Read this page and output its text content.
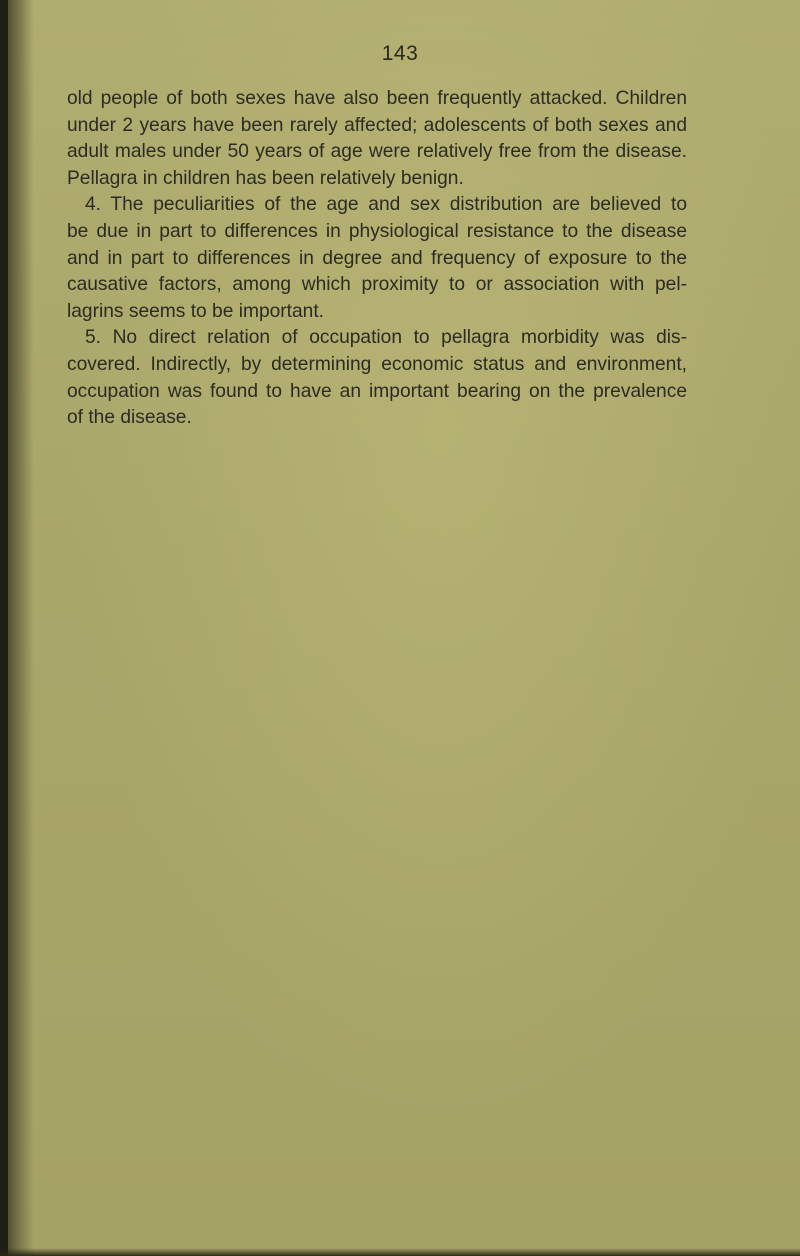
143
old people of both sexes have also been frequently attacked. Children
under 2 years have been rarely affected; adolescents of both sexes and
adult males under 50 years of age were relatively free from the disease.
Pellagra in children has been relatively benign.
4. The peculiarities of the age and sex distribution are believed to
be due in part to differences in physiological resistance to the disease
and in part to differences in degree and frequency of exposure to the
causative factors, among which proximity to or association with pel-
lagrins seems to be important.
5. No direct relation of occupation to pellagra morbidity was dis-
covered. Indirectly, by determining economic status and environment,
occupation was found to have an important bearing on the prevalence
of the disease.
